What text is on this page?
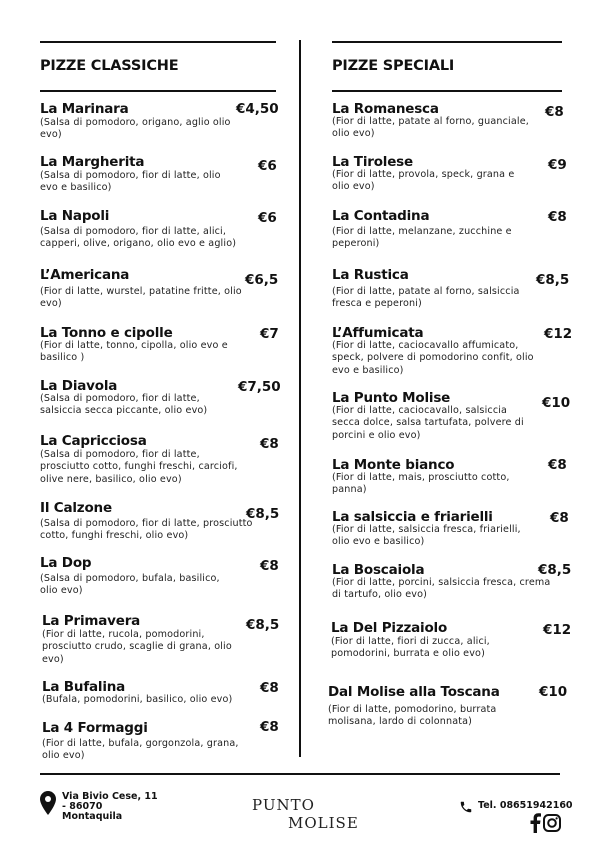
PIZZE CLASSICHE	PIZZE SPECIALI
La Marinara	€4,50
(Salsa di pomodoro, origano, aglio olio evo)
La Margherita	€6
(Salsa di pomodoro, fior di latte, olio evo e basilico)
La Napoli	€6
(Salsa di pomodoro, fior di latte, alici, capperi, olive, origano, olio evo e aglio)
L’Americana	€6,5
(Fior di latte, wurstel, patatine fritte, olio evo)
La Tonno e cipolle	€7
(Fior di latte, tonno, cipolla, olio evo e basilico )
La Diavola	€7,50
(Salsa di pomodoro, fior di latte, salsiccia secca piccante, olio evo)
La Capricciosa	€8
(Salsa di pomodoro, fior di latte, prosciutto cotto, funghi freschi, carciofi, olive nere, basilico, olio evo)
Il Calzone	€8,5
(Salsa di pomodoro, fior di latte, prosciutto cotto, funghi freschi, olio evo)
La Dop	€8
(Salsa di pomodoro, bufala, basilico, olio evo)
La Primavera	€8,5
(Fior di latte, rucola, pomodorini, prosciutto crudo, scaglie di grana, olio evo)
La Bufalina	€8
(Bufala, pomodorini, basilico, olio evo)
La 4 Formaggi	€8
(Fior di latte, bufala, gorgonzola, grana, olio evo)
La Romanesca	€8
(Fior di latte, patate al forno, guanciale, olio evo)
La Tirolese	€9
(Fior di latte, provola, speck, grana e olio evo)
La Contadina	€8
(Fior di latte, melanzane, zucchine e peperoni)
La Rustica	€8,5
(Fior di latte, patate al forno, salsiccia fresca e peperoni)
L’Affumicata	€12
(Fior di latte, caciocavallo affumicato, speck, polvere di pomodorino confit, olio evo e basilico)
La Punto Molise	€10
(Fior di latte, caciocavallo, salsiccia secca dolce, salsa tartufata, polvere di porcini e olio evo)
La Monte bianco	€8
(Fior di latte, mais, prosciutto cotto, panna)
La salsiccia e friarielli	€8
(Fior di latte, salsiccia fresca, friarielli, olio evo e basilico)
La Boscaiola	€8,5
(Fior di latte, porcini, salsiccia fresca, crema di tartufo, olio evo)
La Del Pizzaiolo	€12
(Fior di latte, fiori di zucca, alici, pomodorini, burrata e olio evo)
Dal Molise alla Toscana	€10
(Fior di latte, pomodorino, burrata molisana, lardo di colonnata)
Via Bivio Cese, 11 - 86070 Montaquila
PUNTO
MOLISE
Tel. 08651942160
